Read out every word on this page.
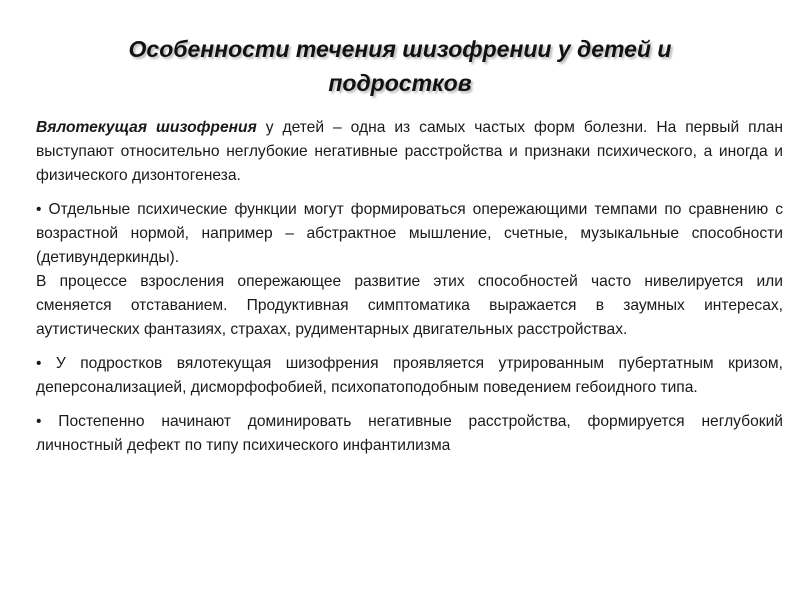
Особенности течения шизофрении у детей и
подростков

Вялотекущая шизофрения у детей – одна из самых частых форм болезни. На первый план выступают относительно неглубокие негативные расстройства и признаки психического, а иногда и физического дизонтогенеза.

• Отдельные психические функции могут формироваться опережающими темпами по сравнению с возрастной нормой, например – абстрактное мышление, счетные, музыкальные способности (детивундеркинды).

В процессе взросления опережающее развитие этих способностей часто нивелируется или сменяется отставанием. Продуктивная симптоматика выражается в заумных интересах, аутистических фантазиях, страхах, рудиментарных двигательных расстройствах.

• У подростков вялотекущая шизофрения проявляется утрированным пубертатным кризом, деперсонализацией, дисморфофобией, психопатоподобным поведением гебоидного типа.

• Постепенно начинают доминировать негативные расстройства, формируется неглубокий личностный дефект по типу психического инфантилизма
